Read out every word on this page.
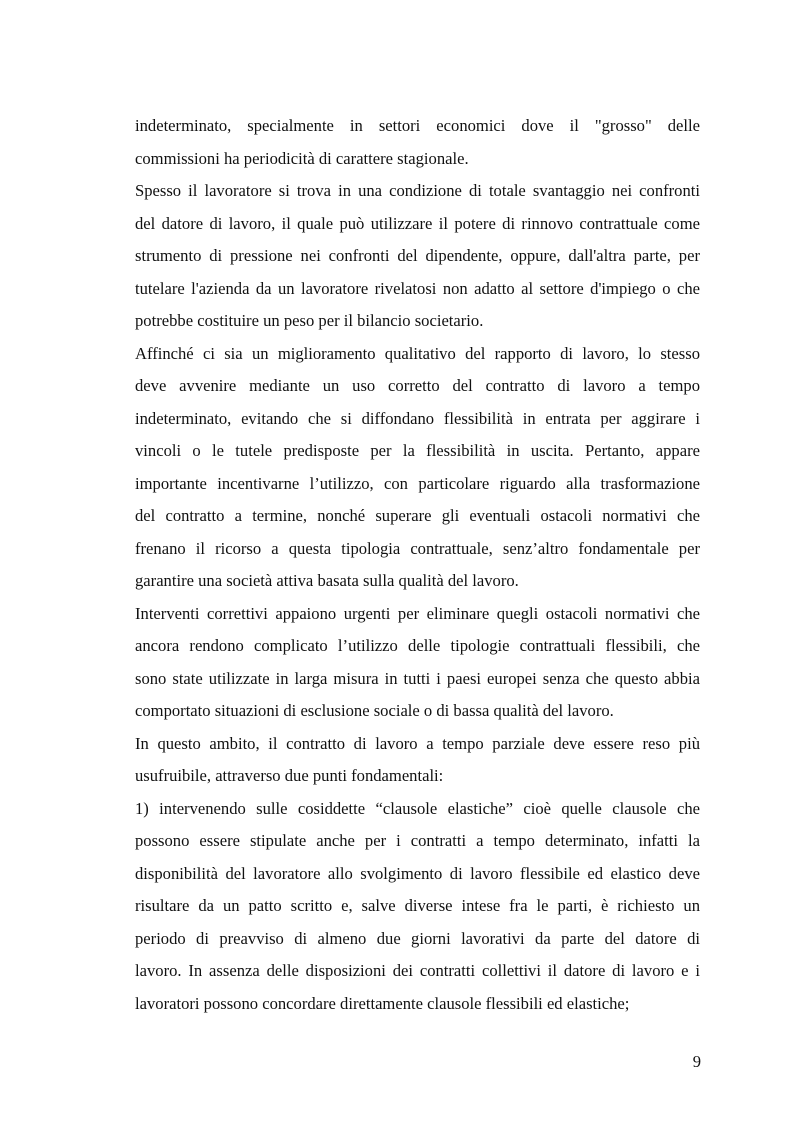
indeterminato, specialmente in settori economici dove il "grosso" delle
commissioni ha periodicità di carattere stagionale.
Spesso il lavoratore si trova in una condizione di totale svantaggio nei confronti
del datore di lavoro, il quale può utilizzare il potere di rinnovo contrattuale come
strumento di pressione nei confronti del dipendente, oppure, dall'altra parte, per
tutelare l'azienda da un lavoratore rivelatosi non adatto al settore d'impiego o che
potrebbe costituire un peso per il bilancio societario.
Affinché ci sia un miglioramento qualitativo del rapporto di lavoro, lo stesso
deve avvenire mediante un uso corretto del contratto di lavoro a tempo
indeterminato, evitando che si diffondano flessibilità in entrata per aggirare i
vincoli o le tutele predisposte per la flessibilità in uscita. Pertanto, appare
importante incentivarne l’utilizzo, con particolare riguardo alla trasformazione
del contratto a termine, nonché superare gli eventuali ostacoli normativi che
frenano il ricorso a questa tipologia contrattuale, senz’altro fondamentale per
garantire una società attiva basata sulla qualità del lavoro.
Interventi correttivi appaiono urgenti per eliminare quegli ostacoli normativi che
ancora rendono complicato l’utilizzo delle tipologie contrattuali flessibili, che
sono state utilizzate in larga misura in tutti i paesi europei senza che questo abbia
comportato situazioni di esclusione sociale o di bassa qualità del lavoro.
In questo ambito, il contratto di lavoro a tempo parziale deve essere reso più
usufruibile, attraverso due punti fondamentali:
1) intervenendo sulle cosiddette “clausole elastiche” cioè quelle clausole che
possono essere stipulate anche per i contratti a tempo determinato, infatti la
disponibilità del lavoratore allo svolgimento di lavoro flessibile ed elastico deve
risultare da un patto scritto e, salve diverse intese fra le parti, è richiesto un
periodo di preavviso di almeno due giorni lavorativi da parte del datore di
lavoro. In assenza delle disposizioni dei contratti collettivi il datore di lavoro e i
lavoratori possono concordare direttamente clausole flessibili ed elastiche;
9
